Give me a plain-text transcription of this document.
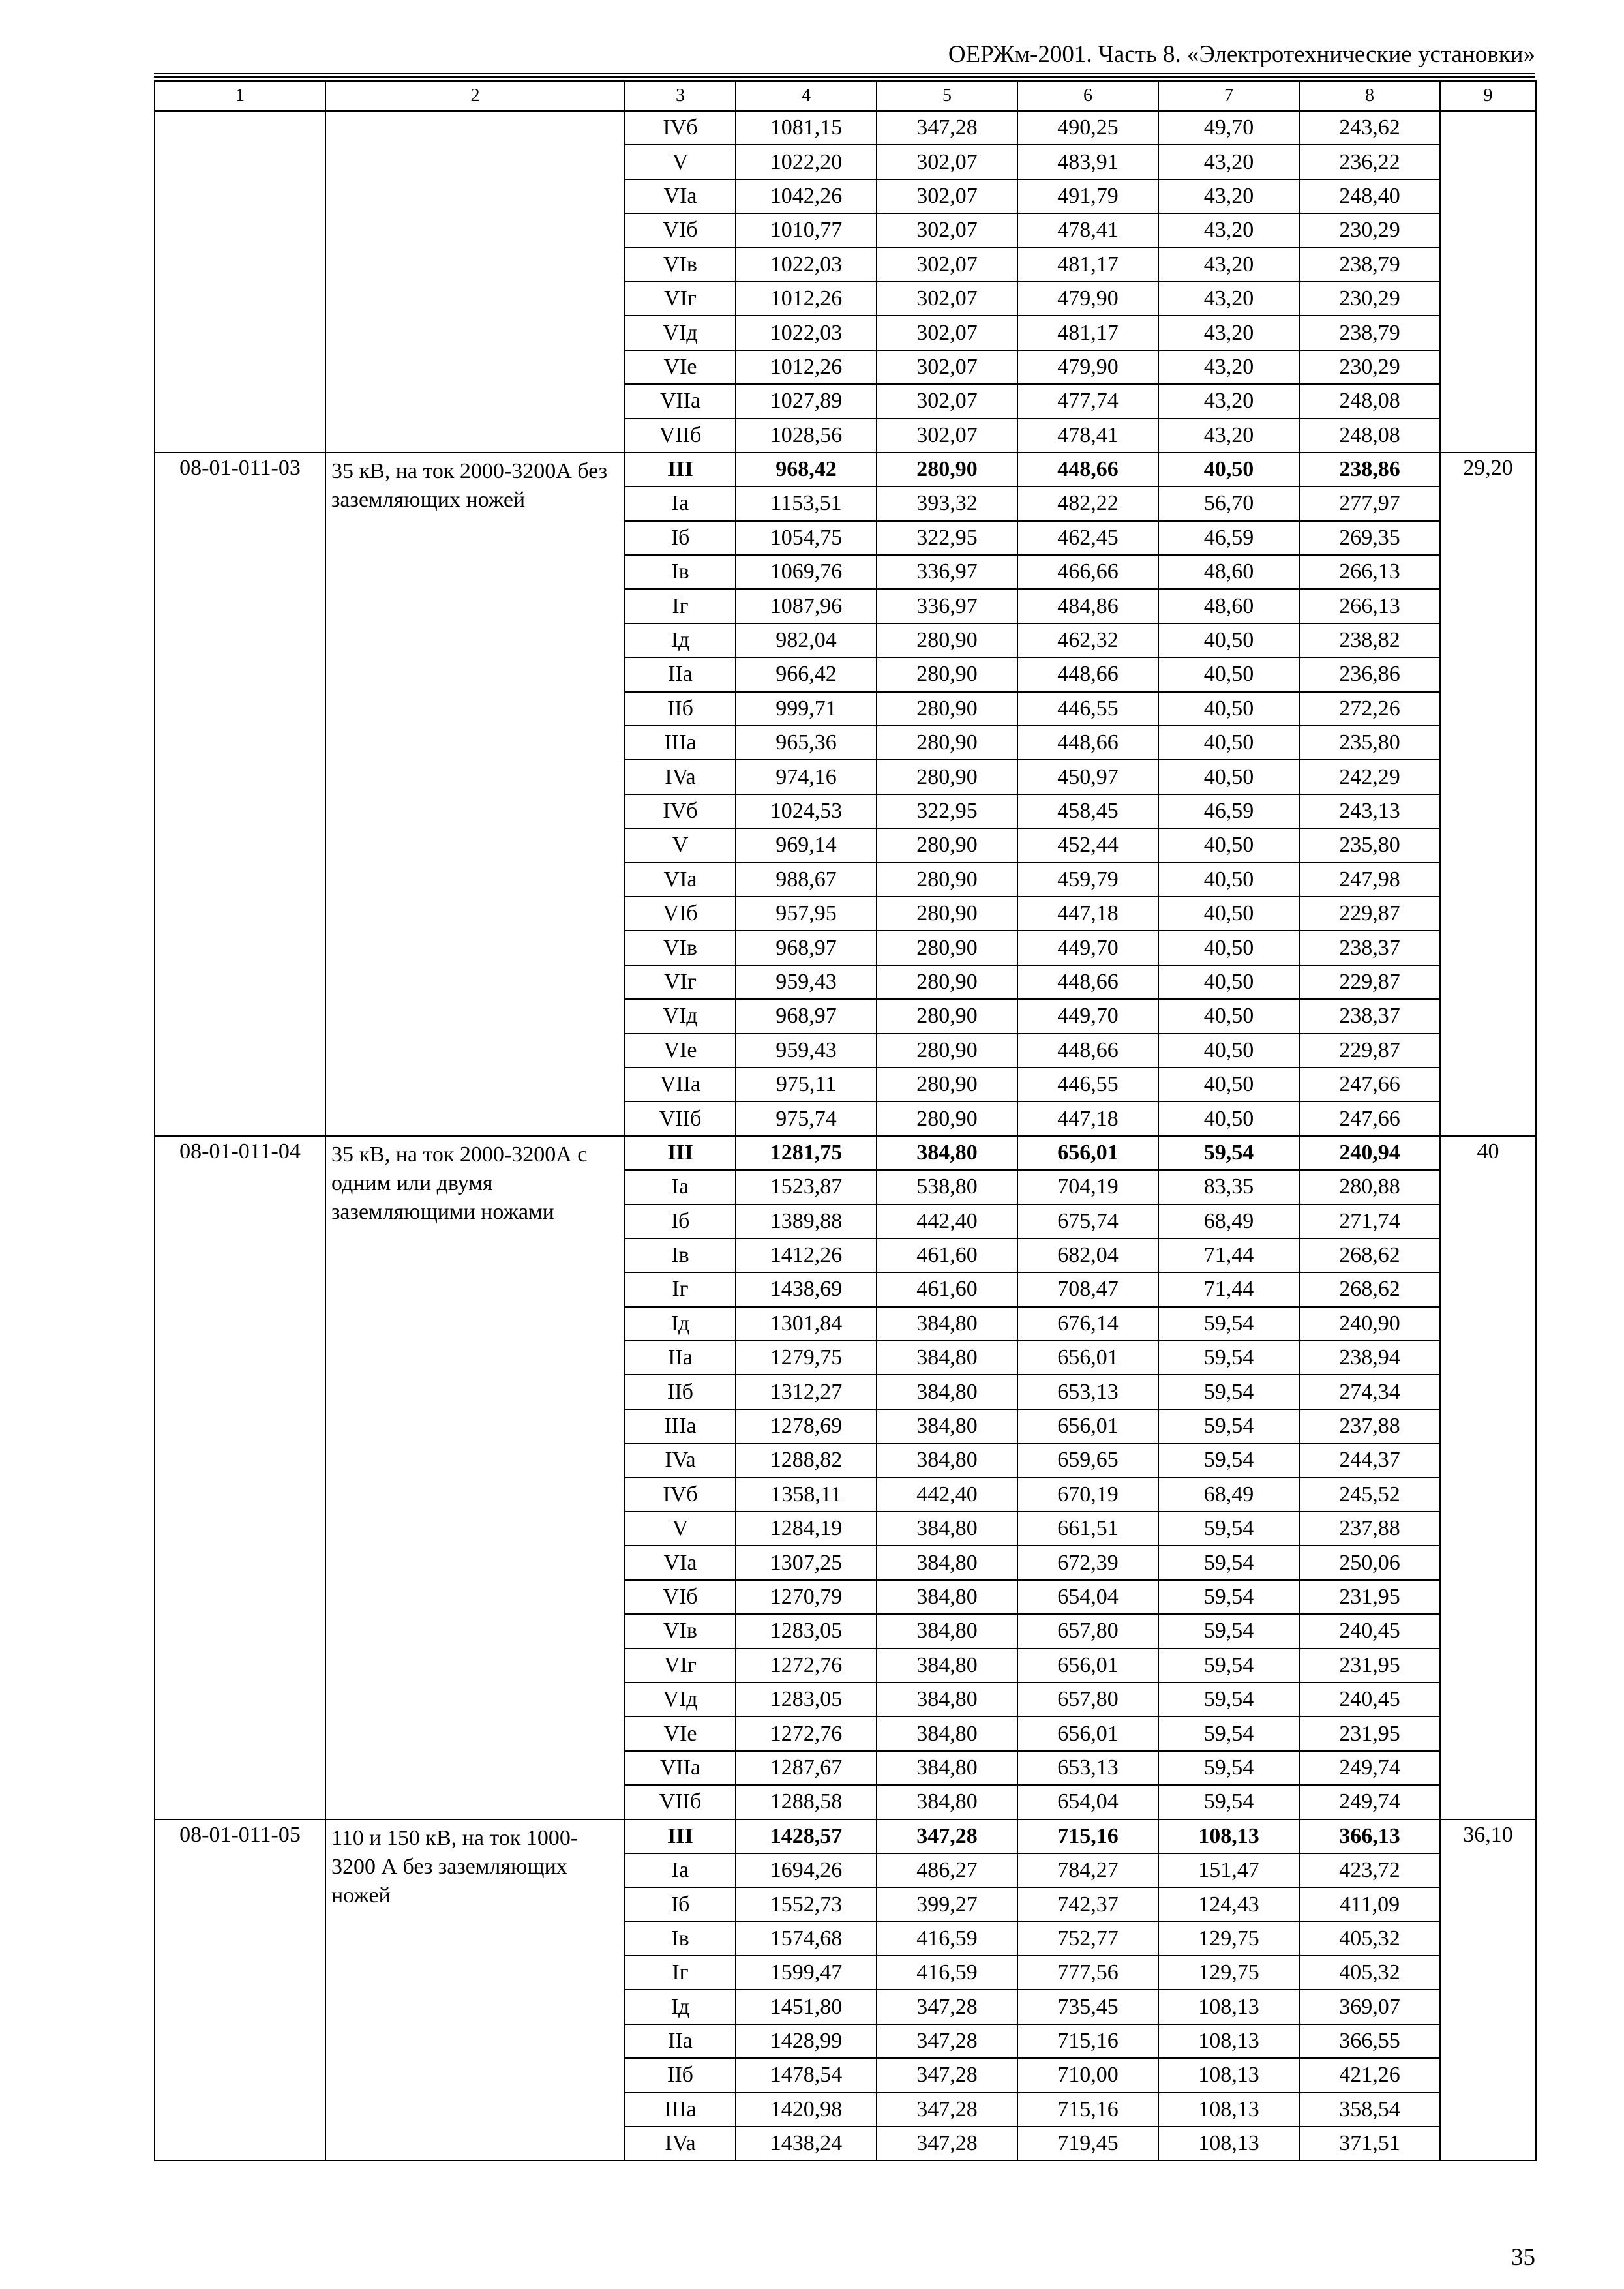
ОЕРЖм-2001. Часть 8. «Электротехнические установки»
1	2	3	4	5	6	7	8	9
		IVб	1081,15	347,28	490,25	49,70	243,62	
		V	1022,20	302,07	483,91	43,20	236,22	
		VIa	1042,26	302,07	491,79	43,20	248,40	
		VIб	1010,77	302,07	478,41	43,20	230,29	
		VIв	1022,03	302,07	481,17	43,20	238,79	
		VIг	1012,26	302,07	479,90	43,20	230,29	
		VIд	1022,03	302,07	481,17	43,20	238,79	
		VIe	1012,26	302,07	479,90	43,20	230,29	
		VIIa	1027,89	302,07	477,74	43,20	248,08	
		VIIб	1028,56	302,07	478,41	43,20	248,08	
08-01-011-03	35 кВ, на ток 2000-3200А без заземляющих ножей	III	968,42	280,90	448,66	40,50	238,86	29,20
		Ia	1153,51	393,32	482,22	56,70	277,97	
		Iб	1054,75	322,95	462,45	46,59	269,35	
		Iв	1069,76	336,97	466,66	48,60	266,13	
		Iг	1087,96	336,97	484,86	48,60	266,13	
		Iд	982,04	280,90	462,32	40,50	238,82	
		IIa	966,42	280,90	448,66	40,50	236,86	
		IIб	999,71	280,90	446,55	40,50	272,26	
		IIIa	965,36	280,90	448,66	40,50	235,80	
		IVa	974,16	280,90	450,97	40,50	242,29	
		IVб	1024,53	322,95	458,45	46,59	243,13	
		V	969,14	280,90	452,44	40,50	235,80	
		VIa	988,67	280,90	459,79	40,50	247,98	
		VIб	957,95	280,90	447,18	40,50	229,87	
		VIв	968,97	280,90	449,70	40,50	238,37	
		VIг	959,43	280,90	448,66	40,50	229,87	
		VIд	968,97	280,90	449,70	40,50	238,37	
		VIe	959,43	280,90	448,66	40,50	229,87	
		VIIa	975,11	280,90	446,55	40,50	247,66	
		VIIб	975,74	280,90	447,18	40,50	247,66	
08-01-011-04	35 кВ, на ток 2000-3200А с одним или двумя заземляющими ножами	III	1281,75	384,80	656,01	59,54	240,94	40
		Ia	1523,87	538,80	704,19	83,35	280,88	
		Iб	1389,88	442,40	675,74	68,49	271,74	
		Iв	1412,26	461,60	682,04	71,44	268,62	
		Iг	1438,69	461,60	708,47	71,44	268,62	
		Iд	1301,84	384,80	676,14	59,54	240,90	
		IIa	1279,75	384,80	656,01	59,54	238,94	
		IIб	1312,27	384,80	653,13	59,54	274,34	
		IIIa	1278,69	384,80	656,01	59,54	237,88	
		IVa	1288,82	384,80	659,65	59,54	244,37	
		IVб	1358,11	442,40	670,19	68,49	245,52	
		V	1284,19	384,80	661,51	59,54	237,88	
		VIa	1307,25	384,80	672,39	59,54	250,06	
		VIб	1270,79	384,80	654,04	59,54	231,95	
		VIв	1283,05	384,80	657,80	59,54	240,45	
		VIг	1272,76	384,80	656,01	59,54	231,95	
		VIд	1283,05	384,80	657,80	59,54	240,45	
		VIe	1272,76	384,80	656,01	59,54	231,95	
		VIIa	1287,67	384,80	653,13	59,54	249,74	
		VIIб	1288,58	384,80	654,04	59,54	249,74	
08-01-011-05	110 и 150 кВ, на ток 1000-3200 А без заземляющих ножей	III	1428,57	347,28	715,16	108,13	366,13	36,10
		Ia	1694,26	486,27	784,27	151,47	423,72	
		Iб	1552,73	399,27	742,37	124,43	411,09	
		Iв	1574,68	416,59	752,77	129,75	405,32	
		Iг	1599,47	416,59	777,56	129,75	405,32	
		Iд	1451,80	347,28	735,45	108,13	369,07	
		IIa	1428,99	347,28	715,16	108,13	366,55	
		IIб	1478,54	347,28	710,00	108,13	421,26	
		IIIa	1420,98	347,28	715,16	108,13	358,54	
		IVa	1438,24	347,28	719,45	108,13	371,51	
35
